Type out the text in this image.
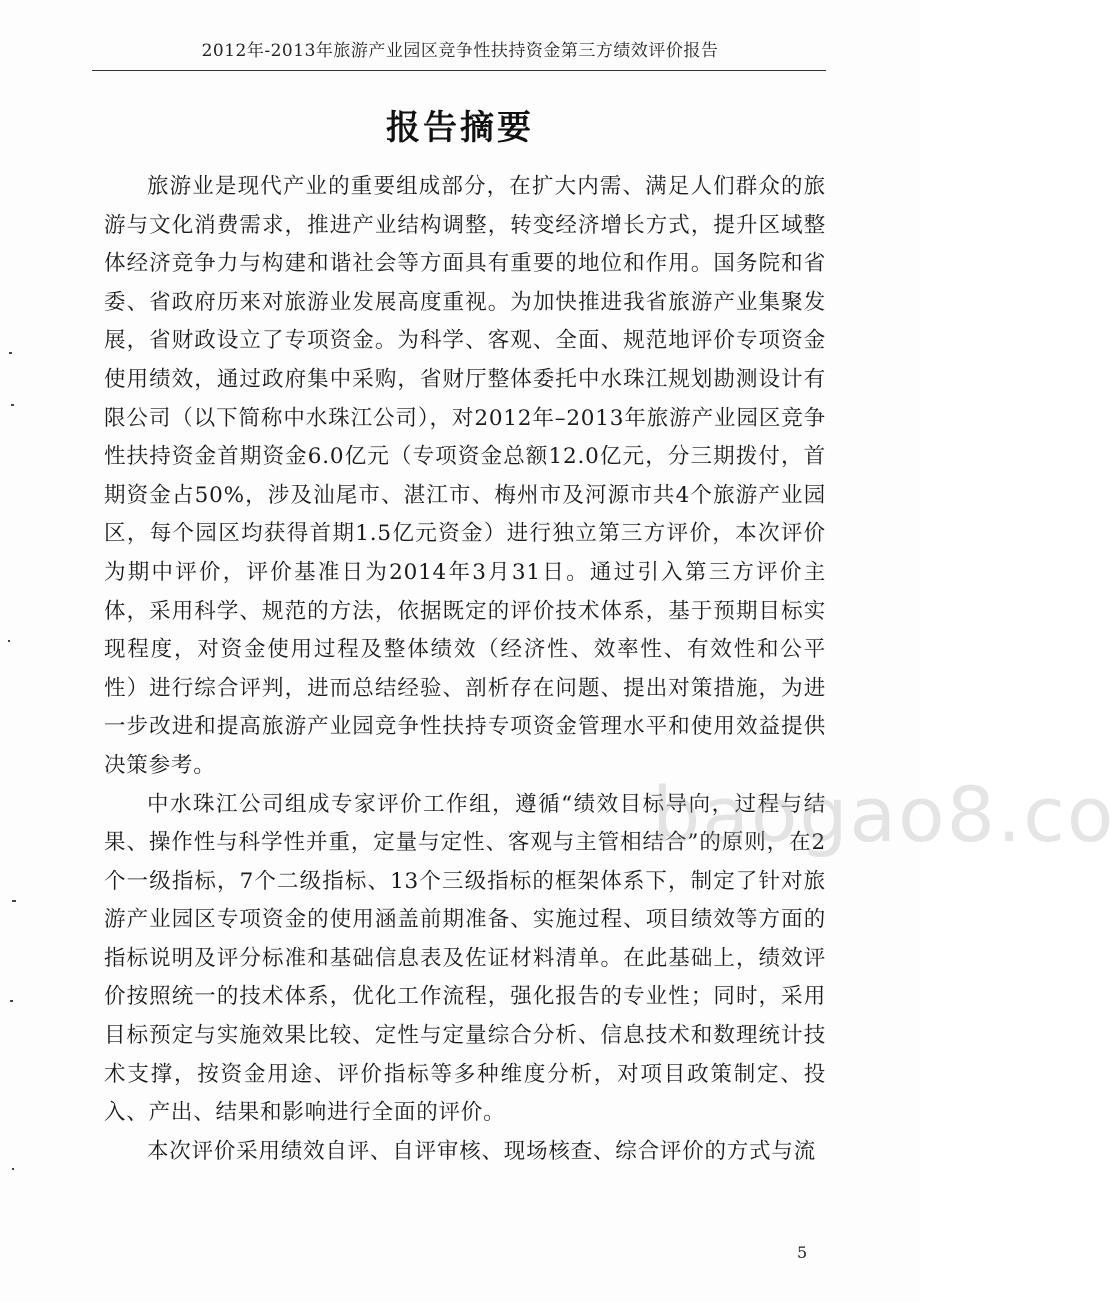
2012年-2013年旅游产业园区竞争性扶持资金第三方绩效评价报告
报告摘要

旅游业是现代产业的重要组成部分，在扩大内需、满足人们群众的旅游与文化消费需求，推进产业结构调整，转变经济增长方式，提升区域整体经济竞争力与构建和谐社会等方面具有重要的地位和作用。国务院和省委、省政府历来对旅游业发展高度重视。为加快推进我省旅游产业集聚发展，省财政设立了专项资金。为科学、客观、全面、规范地评价专项资金使用绩效，通过政府集中采购，省财厅整体委托中水珠江规划勘测设计有限公司（以下简称中水珠江公司），对2012年–2013年旅游产业园区竞争性扶持资金首期资金6.0亿元（专项资金总额12.0亿元，分三期拨付，首期资金占50%，涉及汕尾市、湛江市、梅州市及河源市共4个旅游产业园区，每个园区均获得首期1.5亿元资金）进行独立第三方评价，本次评价为期中评价，评价基准日为2014年3月31日。通过引入第三方评价主体，采用科学、规范的方法，依据既定的评价技术体系，基于预期目标实现程度，对资金使用过程及整体绩效（经济性、效率性、有效性和公平性）进行综合评判，进而总结经验、剖析存在问题、提出对策措施，为进一步改进和提高旅游产业园竞争性扶持专项资金管理水平和使用效益提供决策参考。

中水珠江公司组成专家评价工作组，遵循“绩效目标导向，过程与结果、操作性与科学性并重，定量与定性、客观与主管相结合”的原则，在2个一级指标，7个二级指标、13个三级指标的框架体系下，制定了针对旅游产业园区专项资金的使用涵盖前期准备、实施过程、项目绩效等方面的指标说明及评分标准和基础信息表及佐证材料清单。在此基础上，绩效评价按照统一的技术体系，优化工作流程，强化报告的专业性；同时，采用目标预定与实施效果比较、定性与定量综合分析、信息技术和数理统计技术支撑，按资金用途、评价指标等多种维度分析，对项目政策制定、投入、产出、结果和影响进行全面的评价。

本次评价采用绩效自评、自评审核、现场核查、综合评价的方式与流

baogao8.co
5
